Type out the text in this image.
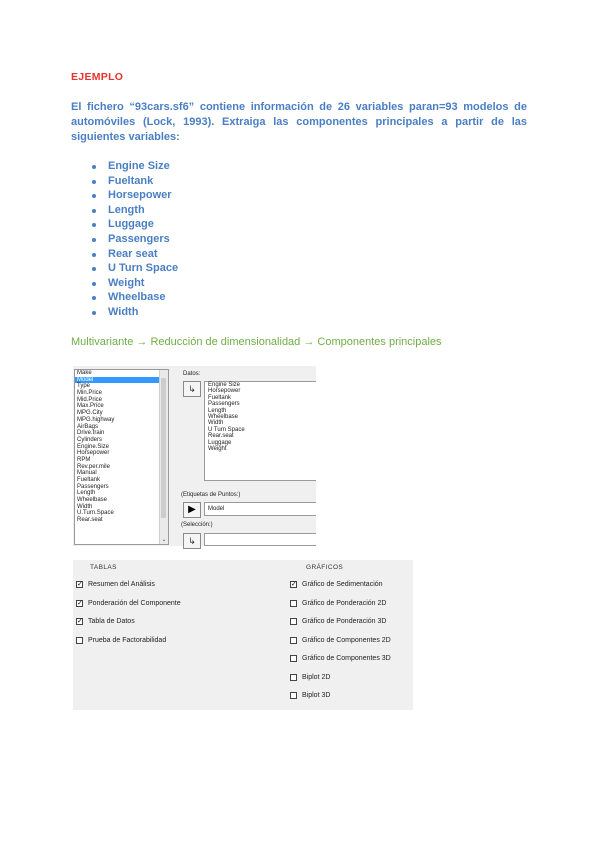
EJEMPLO
El fichero “93cars.sf6” contiene información de 26 variables paran=93 modelos de automóviles (Lock, 1993). Extraiga las componentes principales a partir de las siguientes variables:
Engine Size
Fueltank
Horsepower
Length
Luggage
Passengers
Rear seat
U Turn Space
Weight
Wheelbase
Width
Multivariante → Reducción de dimensionalidad → Componentes principales
Make
Model
Type
Min.Price
Mid.Price
Max.Price
MPG.City
MPG.highway
AirBags
Drive.train
Cylinders
Engine.Size
Horsepower
RPM
Rev.per.mile
Manual
Fueltank
Passengers
Length
Wheelbase
Width
U.Turn.Space
Rear.seat
⌄
Datos:
↳	Engine Size
Horsepower
Fueltank
Passengers
Length
Wheelbase
Width
U Turn Space
Rear.seat
Luggage
Weight
(Etiquetas de Puntos:)
▶	Model
(Selección:)
↳
TABLAS	GRÁFICOS
✓ Resumen del Análisis
✓ Ponderación del Componente
✓ Tabla de Datos
Prueba de Factorabilidad
✓ Gráfico de Sedimentación
Gráfico de Ponderación 2D
Gráfico de Ponderación 3D
Gráfico de Componentes 2D
Gráfico de Componentes 3D
Biplot 2D
Biplot 3D
